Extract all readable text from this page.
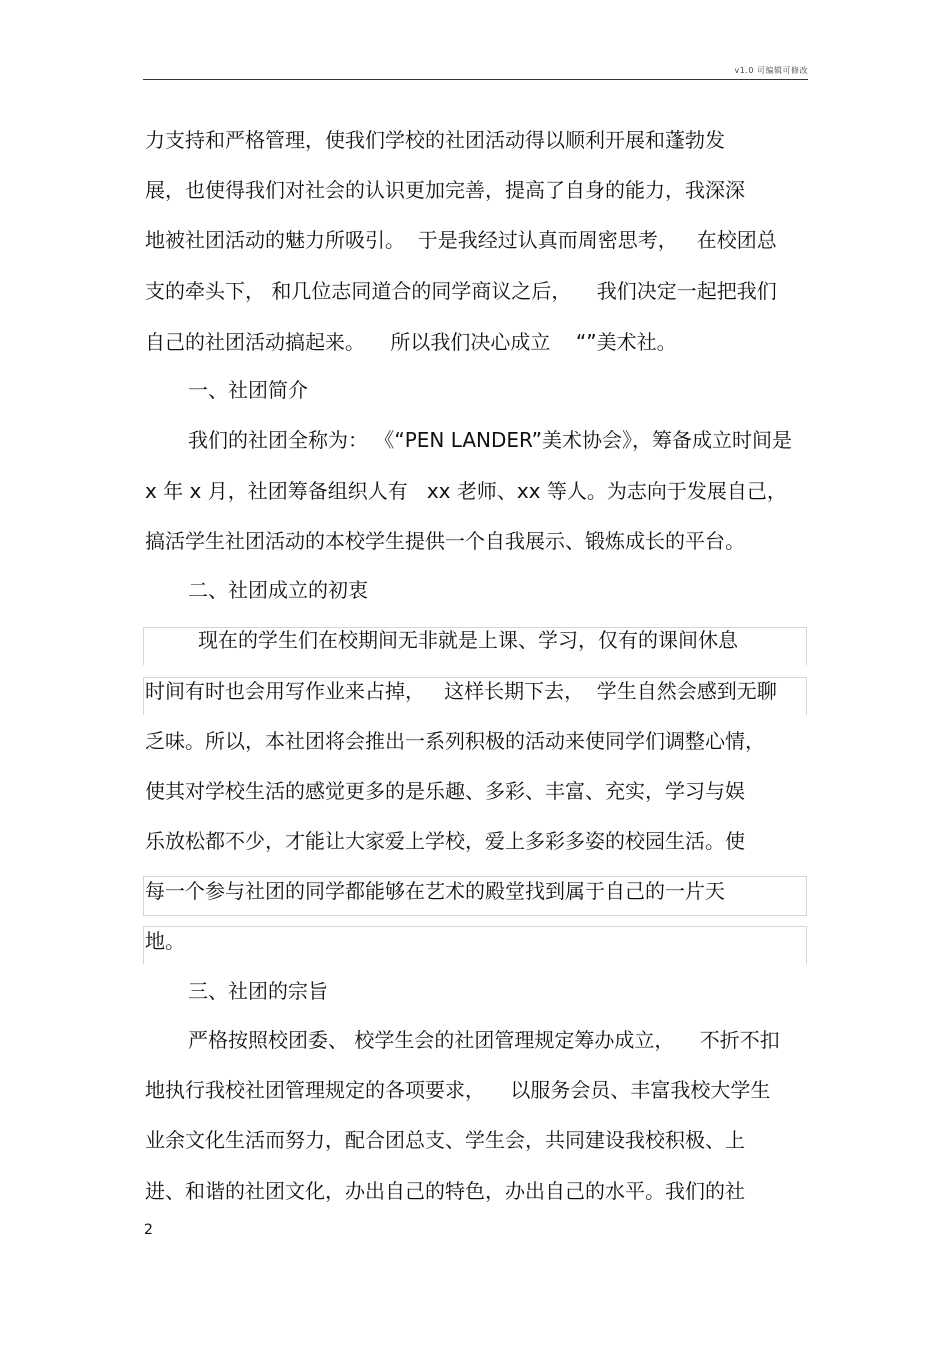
v1.0 可编辑可修改
力支持和严格管理，使我们学校的社团活动得以顺利开展和蓬勃发
展，也使得我们对社会的认识更加完善，提高了自身的能力，我深深
地被社团活动的魅力所吸引。  于是我经过认真而周密思考，   在校团总
支的牵头下， 和几位志同道合的同学商议之后，    我们决定一起把我们
自己的社团活动搞起来。    所以我们决心成立    “”美术社。
一、社团简介
我们的社团全称为： 《“PEN LANDER”美术协会》，筹备成立时间是
x 年 x 月，社团筹备组织人有   xx 老师、xx 等人。为志向于发展自己，
搞活学生社团活动的本校学生提供一个自我展示、锻炼成长的平台。
二、社团成立的初衷
现在的学生们在校期间无非就是上课、学习，仅有的课间休息
时间有时也会用写作业来占掉，   这样长期下去，  学生自然会感到无聊
乏味。所以，本社团将会推出一系列积极的活动来使同学们调整心情，
使其对学校生活的感觉更多的是乐趣、多彩、丰富、充实，学习与娱
乐放松都不少，才能让大家爱上学校，爱上多彩多姿的校园生活。使
每一个参与社团的同学都能够在艺术的殿堂找到属于自己的一片天
地。
三、社团的宗旨
严格按照校团委、 校学生会的社团管理规定筹办成立，    不折不扣
地执行我校社团管理规定的各项要求，    以服务会员、丰富我校大学生
业余文化生活而努力，配合团总支、学生会，共同建设我校积极、上
进、和谐的社团文化，办出自己的特色，办出自己的水平。我们的社
2
